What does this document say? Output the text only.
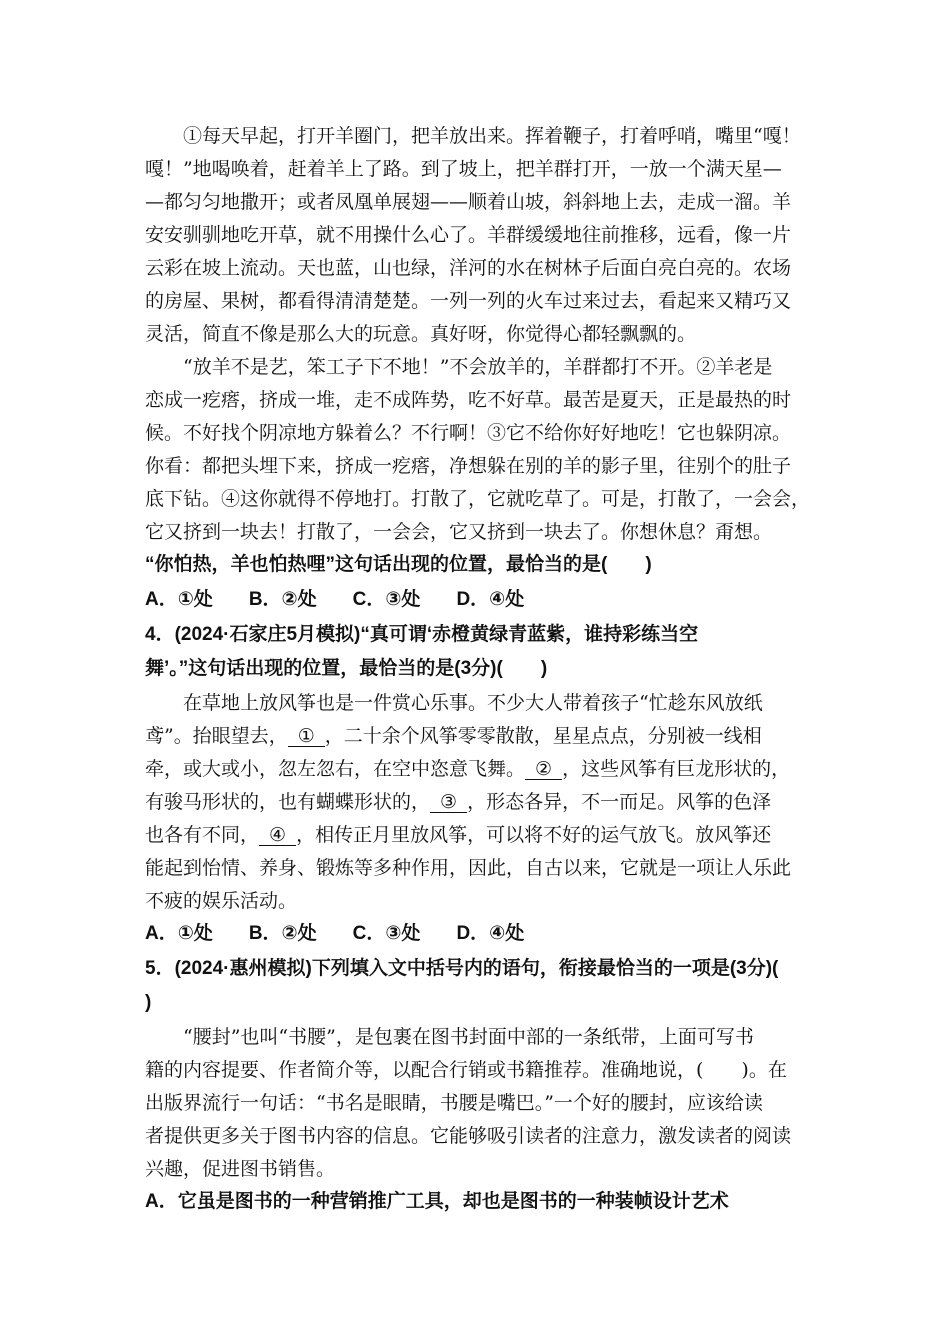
①每天早起，打开羊圈门，把羊放出来。挥着鞭子，打着呼哨，嘴里“嘎！
嘎！”地喝唤着，赶着羊上了路。到了坡上，把羊群打开，一放一个满天星—
—都匀匀地撒开；或者凤凰单展翅——顺着山坡，斜斜地上去，走成一溜。羊
安安驯驯地吃开草，就不用操什么心了。羊群缓缓地往前推移，远看，像一片
云彩在坡上流动。天也蓝，山也绿，洋河的水在树林子后面白亮白亮的。农场
的房屋、果树，都看得清清楚楚。一列一列的火车过来过去，看起来又精巧又
灵活，简直不像是那么大的玩意。真好呀，你觉得心都轻飘飘的。
“放羊不是艺，笨工子下不地！”不会放羊的，羊群都打不开。②羊老是
恋成一疙瘩，挤成一堆，走不成阵势，吃不好草。最苦是夏天，正是最热的时
候。不好找个阴凉地方躲着么？不行啊！③它不给你好好地吃！它也躲阴凉。
你看：都把头埋下来，挤成一疙瘩，净想躲在别的羊的影子里，往别个的肚子
底下钻。④这你就得不停地打。打散了，它就吃草了。可是，打散了，一会会，
它又挤到一块去！打散了，一会会，它又挤到一块去了。你想休息？甭想。
“你怕热，羊也怕热哩”这句话出现的位置，最恰当的是(　　)
A．①处 B．②处 C．③处 D．④处
4．(2024·石家庄5月模拟)“真可谓‘赤橙黄绿青蓝紫，谁持彩练当空
舞’。”这句话出现的位置，最恰当的是(3分)(　　)
在草地上放风筝也是一件赏心乐事。不少大人带着孩子“忙趁东风放纸
鸢”。抬眼望去， ① ，二十余个风筝零零散散，星星点点，分别被一线相
牵，或大或小，忽左忽右，在空中恣意飞舞。 ② ，这些风筝有巨龙形状的，
有骏马形状的，也有蝴蝶形状的， ③ ，形态各异，不一而足。风筝的色泽
也各有不同， ④ ，相传正月里放风筝，可以将不好的运气放飞。放风筝还
能起到怡情、养身、锻炼等多种作用，因此，自古以来，它就是一项让人乐此
不疲的娱乐活动。
A．①处 B．②处 C．③处 D．④处
5．(2024·惠州模拟)下列填入文中括号内的语句，衔接最恰当的一项是(3分)(
)
“腰封”也叫“书腰”，是包裹在图书封面中部的一条纸带，上面可写书
籍的内容提要、作者简介等，以配合行销或书籍推荐。准确地说，(　　)。在
出版界流行一句话：“书名是眼睛，书腰是嘴巴。”一个好的腰封，应该给读
者提供更多关于图书内容的信息。它能够吸引读者的注意力，激发读者的阅读
兴趣，促进图书销售。
A．它虽是图书的一种营销推广工具，却也是图书的一种装帧设计艺术
